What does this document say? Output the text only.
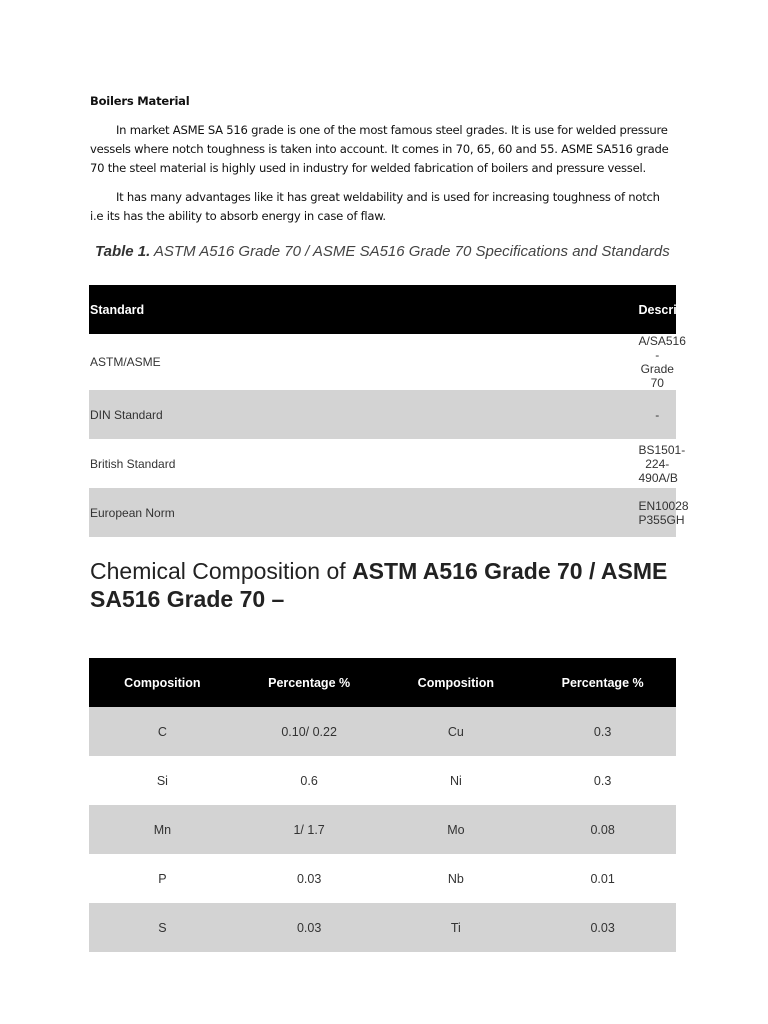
Boilers Material

In market ASME SA 516 grade is one of the most famous steel grades. It is use for welded pressure vessels where notch toughness is taken into account. It comes in 70, 65, 60 and 55. ASME SA516 grade 70 the steel material is highly used in industry for welded fabrication of boilers and pressure vessel.

It has many advantages like it has great weldability and is used for increasing toughness of notch i.e its has the ability to absorb energy in case of flaw.

Table 1. ASTM A516 Grade 70 / ASME SA516 Grade 70 Specifications and Standards
Standard	Description
ASTM/ASME	A/SA516 - Grade 70
DIN Standard	-
British Standard	BS1501-224-490A/B
European Norm	EN10028 P355GH
Chemical Composition of ASTM A516 Grade 70 / ASME SA516 Grade 70 –
Composition	Percentage %	Composition	Percentage %
C	0.10/ 0.22	Cu	0.3
Si	0.6	Ni	0.3
Mn	1/ 1.7	Mo	0.08
P	0.03	Nb	0.01
S	0.03	Ti	0.03
